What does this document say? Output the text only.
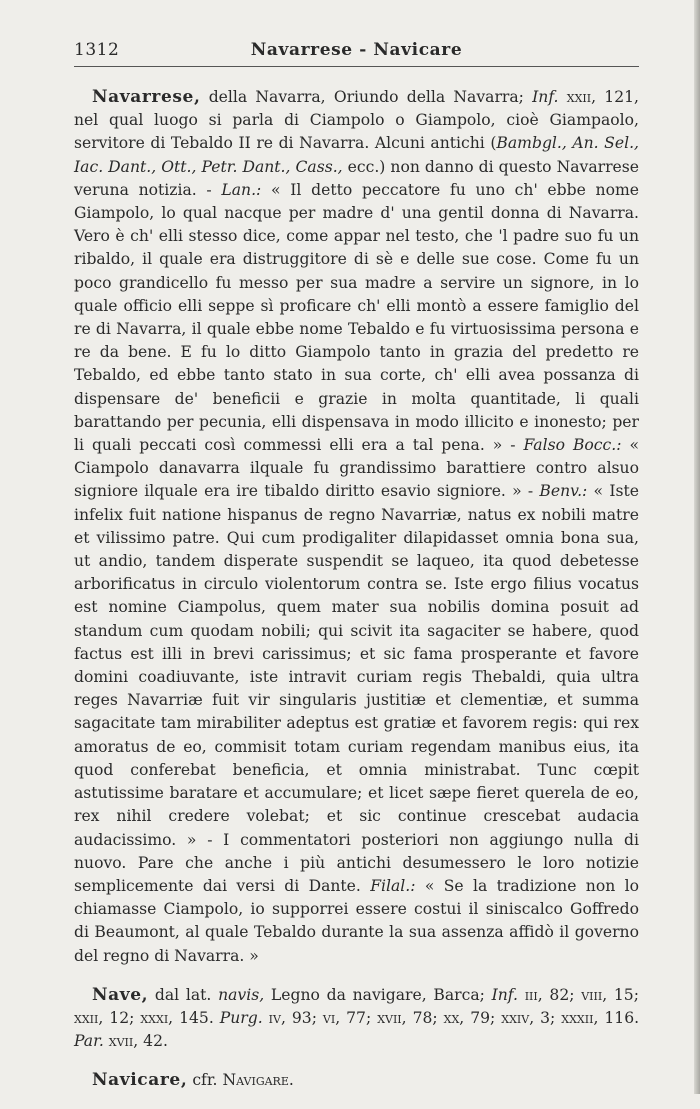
1312	Navarrese - Navicare

Navarrese, della Navarra, Oriundo della Navarra; Inf. xxii, 121, nel qual luogo si parla di Ciampolo o Giampolo, cioè Giampaolo, servitore di Tebaldo II re di Navarra. Alcuni antichi (Bambgl., An. Sel., Iac. Dant., Ott., Petr. Dant., Cass., ecc.) non danno di questo Navarrese veruna notizia. - Lan.: « Il detto peccatore fu uno ch' ebbe nome Giampolo, lo qual nacque per madre d' una gentil donna di Navarra. Vero è ch' elli stesso dice, come appar nel testo, che 'l padre suo fu un ribaldo, il quale era distruggitore di sè e delle sue cose. Come fu un poco grandicello fu messo per sua madre a servire un signore, in lo quale officio elli seppe sì proficare ch' elli montò a essere famiglio del re di Navarra, il quale ebbe nome Tebaldo e fu virtuosissima persona e re da bene. E fu lo ditto Giampolo tanto in grazia del predetto re Tebaldo, ed ebbe tanto stato in sua corte, ch' elli avea possanza di dispensare de' beneficii e grazie in molta quantitade, li quali barattando per pecunia, elli dispensava in modo illicito e inonesto; per li quali peccati così commessi elli era a tal pena. » - Falso Bocc.: « Ciampolo danavarra ilquale fu grandissimo barattiere contro alsuo signiore ilquale era ire tibaldo diritto esavio signiore. » - Benv.: « Iste infelix fuit natione hispanus de regno Navarriæ, natus ex nobili matre et vilissimo patre. Qui cum prodigaliter dilapidasset omnia bona sua, ut andio, tandem disperate suspendit se laqueo, ita quod debetesse arborificatus in circulo violentorum contra se. Iste ergo filius vocatus est nomine Ciampolus, quem mater sua nobilis domina posuit ad standum cum quodam nobili; qui scivit ita sagaciter se habere, quod factus est illi in brevi carissimus; et sic fama prosperante et favore domini coadiuvante, iste intravit curiam regis Thebaldi, quia ultra reges Navarriæ fuit vir singularis justitiæ et clementiæ, et summa sagacitate tam mirabiliter adeptus est gratiæ et favorem regis: qui rex amoratus de eo, commisit totam curiam regendam manibus eius, ita quod conferebat beneficia, et omnia ministrabat. Tunc cœpit astutissime baratare et accumulare; et licet sæpe fieret querela de eo, rex nihil credere volebat; et sic continue crescebat audacia audacissimo. » - I commentatori posteriori non aggiungo nulla di nuovo. Pare che anche i più antichi desumessero le loro notizie semplicemente dai versi di Dante. Filal.: « Se la tradizione non lo chiamasse Ciampolo, io supporrei essere costui il siniscalco Goffredo di Beaumont, al quale Tebaldo durante la sua assenza affidò il governo del regno di Navarra. »

Nave, dal lat. navis, Legno da navigare, Barca; Inf. iii, 82; viii, 15; xxii, 12; xxxi, 145. Purg. iv, 93; vi, 77; xvii, 78; xx, 79; xxiv, 3; xxxii, 116. Par. xvii, 42.

Navicare, cfr. Navigare.
